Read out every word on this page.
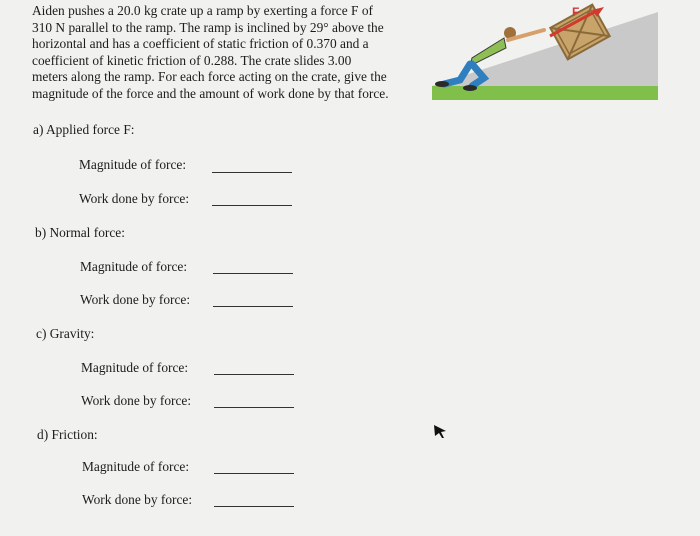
Aiden pushes a 20.0 kg crate up a ramp by exerting a force F of
310 N parallel to the ramp. The ramp is inclined by 29° above the
horizontal and has a coefficient of static friction of 0.370 and a
coefficient of kinetic friction of 0.288. The crate slides 3.00
meters along the ramp. For each force acting on the crate, give the
magnitude of the force and the amount of work done by that force.
F
a) Applied force F:
Magnitude of force:
Work done by force:
b) Normal force:
Magnitude of force:
Work done by force:
c) Gravity:
Magnitude of force:
Work done by force:
d) Friction:
Magnitude of force:
Work done by force:
